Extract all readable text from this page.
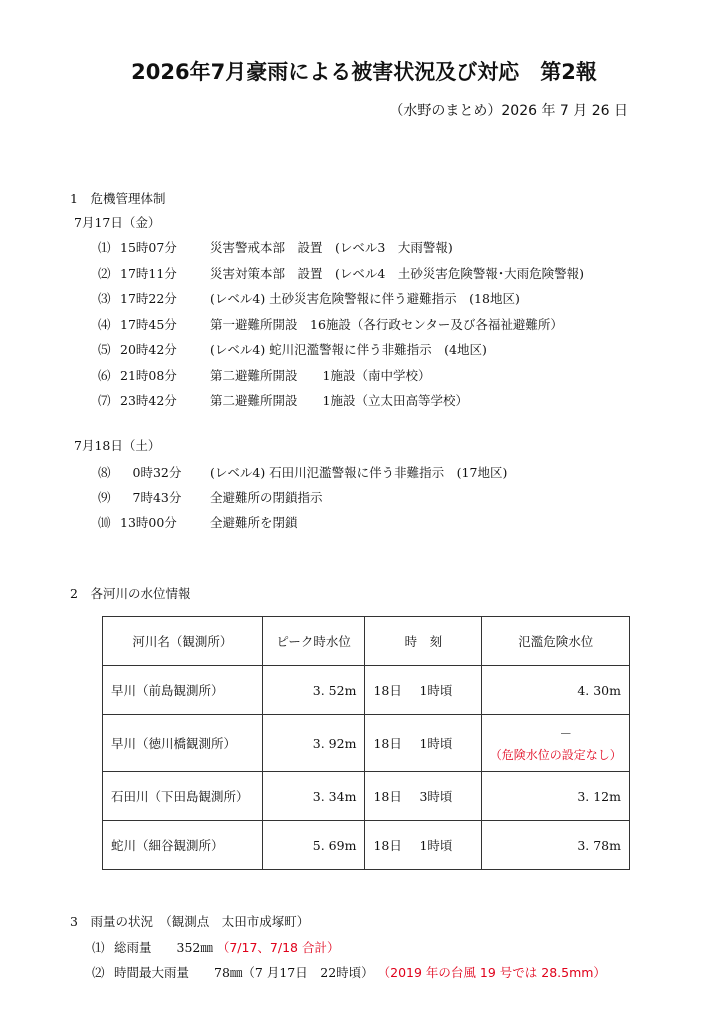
2026年7月豪雨による被害状況及び対応　第2報
（水野のまとめ）2026 年 7 月 26 日
1　危機管理体制
7月17日（金）
⑴ 15時07分	災害警戒本部　設置　(レベル3　大雨警報)
⑵ 17時11分	災害対策本部　設置　(レベル4　土砂災害危険警報･大雨危険警報)
⑶ 17時22分	(レベル4) 土砂災害危険警報に伴う避難指示　(18地区)
⑷ 17時45分	第一避難所開設　16施設（各行政センター及び各福祉避難所）
⑸ 20時42分	(レベル4) 蛇川氾濫警報に伴う非難指示　(4地区)
⑹ 21時08分	第二避難所開設　　1施設（南中学校）
⑺ 23時42分	第二避難所開設　　1施設（立太田高等学校）
7月18日（土）
⑻　0時32分 (レベル4) 石田川氾濫警報に伴う非難指示　(17地区)
⑼　7時43分 全避難所の閉鎖指示
⑽ 13時00分	全避難所を閉鎖
2　各河川の水位情報
河川名（観測所）	ピーク時水位	時　刻	氾濫危険水位
早川（前島観測所）	3. 52m	18日 1時頃	4. 30m
早川（徳川橋観測所）	3. 92m	18日 1時頃	－
（危険水位の設定なし）

石田川（下田島観測所）	3. 34m	18日 3時頃	3. 12m
蛇川（細谷観測所）	5. 69m	18日 1時頃	3. 78m
3　雨量の状況　（観測点　太田市成塚町）
⑴ 総雨量　　352㎜ （7/17、7/18 合計）
⑵ 時間最大雨量　　78㎜（7 月17日　22時頃） （2019 年の台風 19 号では 28.5mm）
